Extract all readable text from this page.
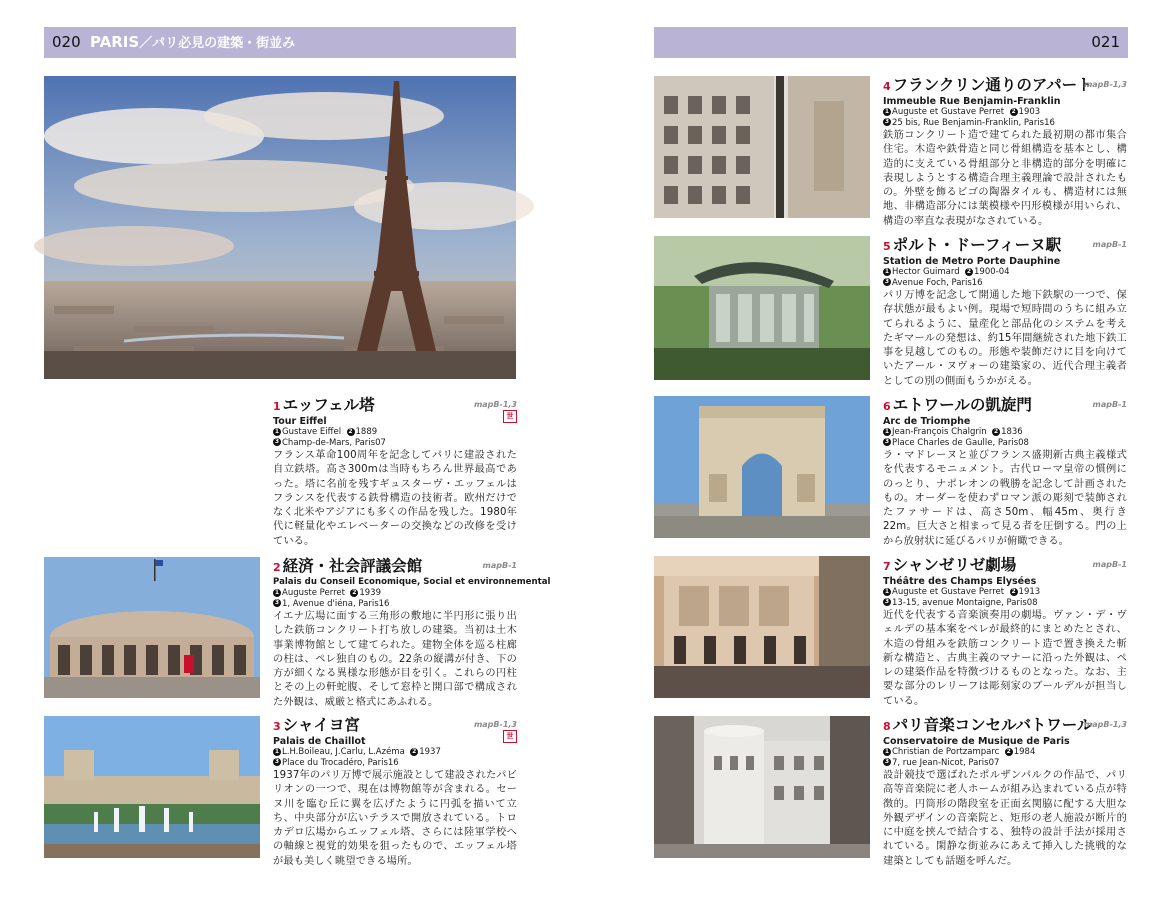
020 PARIS／パリ必見の建築・街並み	021
1 エッフェル塔	mapB-1,3
世
Tour Eiffel
1 Gustave Eiffel 2 1889
3 Champ-de-Mars, Paris07
フランス革命100周年を記念してパリに建設された自立鉄塔。高さ300mは当時もちろん世界最高であった。塔に名前を残すギュスターヴ・エッフェルはフランスを代表する鉄骨構造の技術者。欧州だけでなく北米やアジアにも多くの作品を残した。1980年代に軽量化やエレベーターの交換などの改修を受けている。
2 経済・社会評議会館	mapB-1
Palais du Conseil Economique, Social et environnemental
1 Auguste Perret 2 1939
3 1, Avenue d'iéna, Paris16
イエナ広場に面する三角形の敷地に半円形に張り出した鉄筋コンクリート打ち放しの建築。当初は土木事業博物館として建てられた。建物全体を巡る柱廊の柱は、ペレ独自のもの。22条の縦溝が付き、下の方が細くなる異様な形態が目を引く。これらの円柱とその上の軒蛇腹、そして窓枠と開口部で構成された外観は、威厳と格式にあふれる。
3 シャイヨ宮	mapB-1,3
世
Palais de Chaillot
1 L.H.Boileau, J.Carlu, L.Azéma 2 1937
3 Place du Trocadéro, Paris16
1937年のパリ万博で展示施設として建設されたパビリオンの一つで、現在は博物館等が含まれる。セーヌ川を臨む丘に翼を広げたように円弧を描いて立ち、中央部分が広いテラスで開放されている。トロカデロ広場からエッフェル塔、さらには陸軍学校への軸線と視覚的効果を狙ったもので、エッフェル塔が最も美しく眺望できる場所。
4 フランクリン通りのアパート
mapB-1,3
Immeuble Rue Benjamin-Franklin
1 Auguste et Gustave Perret 2 1903
3 25 bis, Rue Benjamin-Franklin, Paris16
鉄筋コンクリート造で建てられた最初期の都市集合住宅。木造や鉄骨造と同じ骨組構造を基本とし、構造的に支えている骨組部分と非構造的部分を明確に表現しようとする構造合理主義理論で設計されたもの。外壁を飾るビゴの陶器タイルも、構造材には無地、非構造部分には葉模様や円形模様が用いられ、構造の率直な表現がなされている。
5 ポルト・ドーフィーヌ駅	mapB-1
Station de Metro Porte Dauphine
1 Hector Guimard 2 1900-04
3 Avenue Foch, Paris16
パリ万博を記念して開通した地下鉄駅の一つで、保存状態が最もよい例。現場で短時間のうちに組み立てられるように、量産化と部品化のシステムを考えたギマールの発想は、約15年間継続された地下鉄工事を見越してのもの。形態や装飾だけに目を向けていたアール・ヌヴォーの建築家の、近代合理主義者としての別の側面もうかがえる。
6 エトワールの凱旋門	mapB-1
Arc de Triomphe
1 Jean-François Chalgrin 2 1836
3 Place Charles de Gaulle, Paris08
ラ・マドレーヌと並びフランス盛期新古典主義様式を代表するモニュメント。古代ローマ皇帝の慣例にのっとり、ナポレオンの戦勝を記念して計画されたもの。オーダーを使わずロマン派の彫刻で装飾されたファサードは、高さ50m、幅45m、奥行き22m。巨大さと相まって見る者を圧倒する。門の上から放射状に延びるパリが俯瞰できる。
7 シャンゼリゼ劇場	mapB-1
Théâtre des Champs Elysées
1 Auguste et Gustave Perret 2 1913
3 13-15, avenue Montaigne, Paris08
近代を代表する音楽演奏用の劇場。ヴァン・デ・ヴェルデの基本案をペレが最終的にまとめたとされ、木造の骨組みを鉄筋コンクリート造で置き換えた斬新な構造と、古典主義のマナーに沿った外観は、ペレの建築作品を特徴づけるものとなった。なお、主要な部分のレリーフは彫刻家のブールデルが担当している。
8 パリ音楽コンセルバトワール
mapB-1,3
Conservatoire de Musique de Paris
1 Christian de Portzamparc 2 1984
3 7, rue Jean-Nicot, Paris07
設計競技で選ばれたポルザンパルクの作品で、パリ高等音楽院に老人ホームが組み込まれている点が特徴的。円筒形の階段室を正面玄関脇に配する大胆な外観デザインの音楽院と、矩形の老人施設が断片的に中庭を挟んで結合する、独特の設計手法が採用されている。閑静な街並みにあえて挿入した挑戦的な建築としても話題を呼んだ。
